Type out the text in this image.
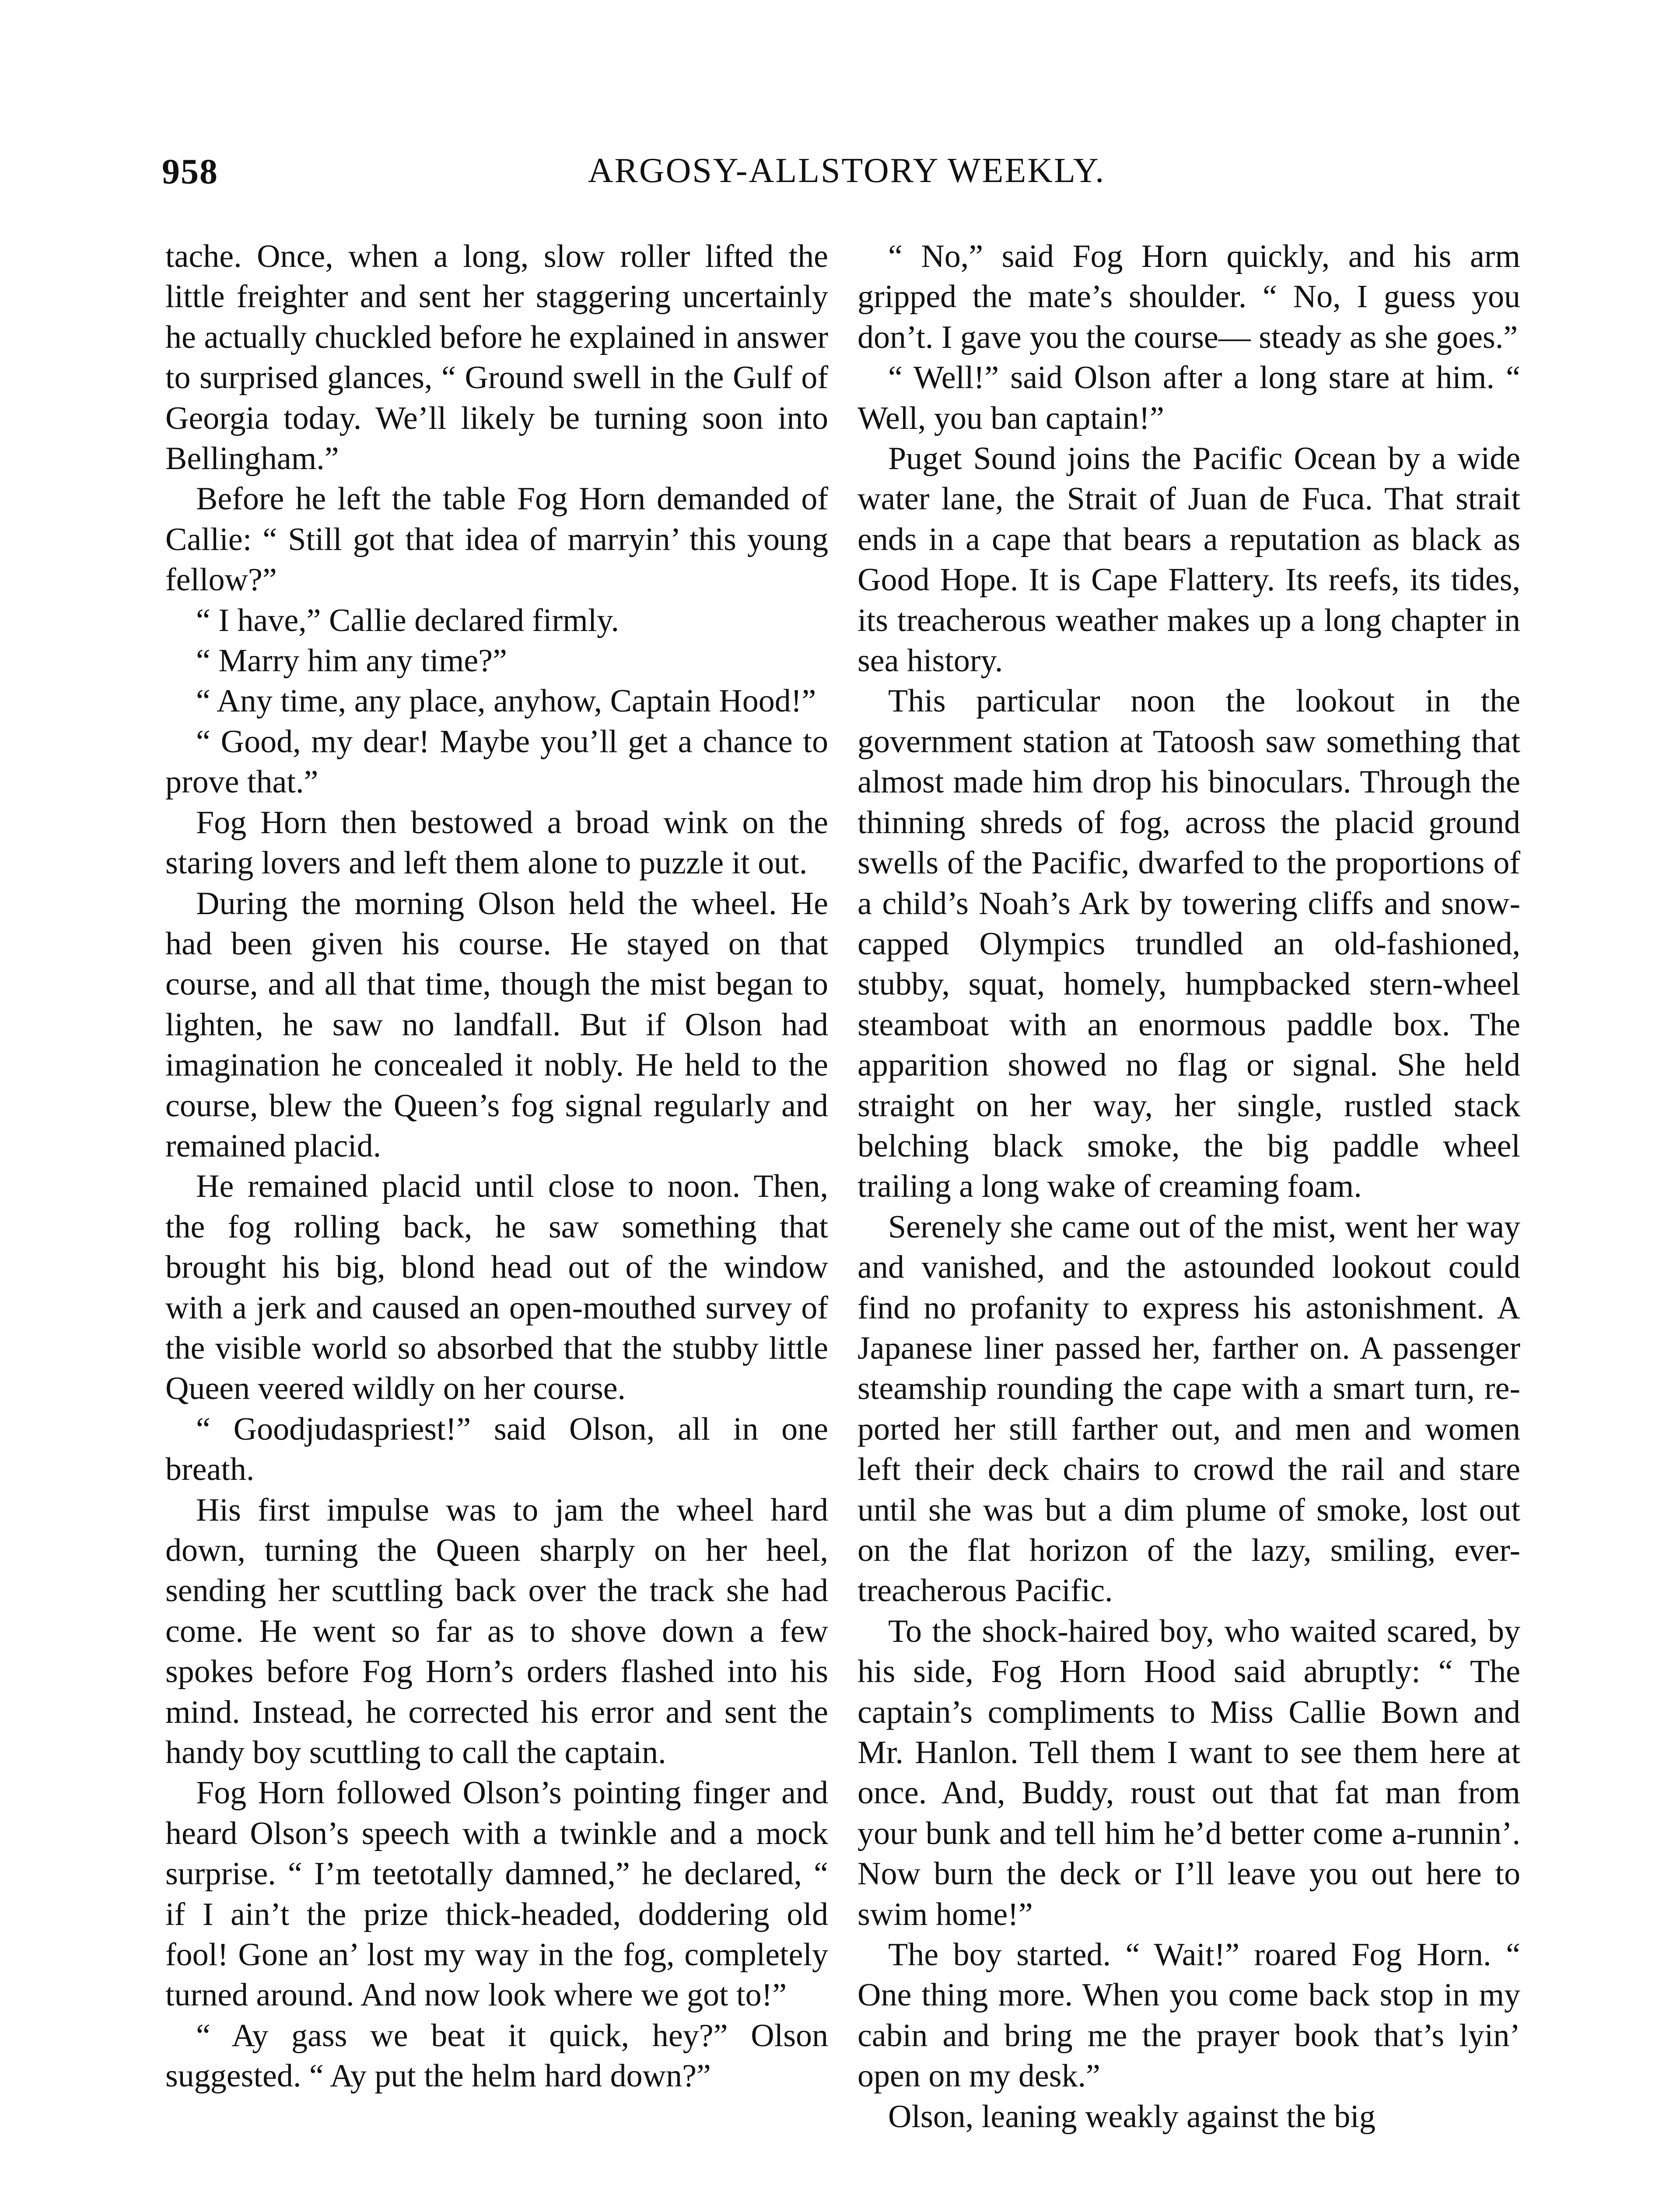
958	ARGOSY-ALLSTORY WEEKLY.

tache. Once, when a long, slow roller lifted the little freighter and sent her staggering uncertainly he actually chuckled before he explained in answer to surprised glances, “ Ground swell in the Gulf of Georgia today. We’ll likely be turning soon into Bellingham.”

Before he left the table Fog Horn demanded of Callie: “ Still got that idea of marryin’ this young fellow?”

“ I have,” Callie declared firmly.

“ Marry him any time?”

“ Any time, any place, anyhow, Captain Hood!”

“ Good, my dear! Maybe you’ll get a chance to prove that.”

Fog Horn then bestowed a broad wink on the staring lovers and left them alone to puzzle it out.

During the morning Olson held the wheel. He had been given his course. He stayed on that course, and all that time, though the mist began to lighten, he saw no landfall. But if Olson had imagination he concealed it nobly. He held to the course, blew the Queen’s fog signal regularly and remained placid.

He remained placid until close to noon. Then, the fog rolling back, he saw something that brought his big, blond head out of the window with a jerk and caused an open-mouthed survey of the visible world so absorbed that the stubby little Queen veered wildly on her course.

“ Goodjudaspriest!” said Olson, all in one breath.

His first impulse was to jam the wheel hard down, turning the Queen sharply on her heel, sending her scuttling back over the track she had come. He went so far as to shove down a few spokes before Fog Horn’s orders flashed into his mind. Instead, he corrected his error and sent the handy boy scuttling to call the captain.

Fog Horn followed Olson’s pointing finger and heard Olson’s speech with a twinkle and a mock surprise. “ I’m teetotally damned,” he declared, “ if I ain’t the prize thick-headed, doddering old fool! Gone an’ lost my way in the fog, completely turned around. And now look where we got to!”

“ Ay gass we beat it quick, hey?” Olson suggested. “ Ay put the helm hard down?”

“ No,” said Fog Horn quickly, and his arm gripped the mate’s shoulder. “ No, I guess you don’t. I gave you the course— steady as she goes.”

“ Well!” said Olson after a long stare at him. “ Well, you ban captain!”

Puget Sound joins the Pacific Ocean by a wide water lane, the Strait of Juan de Fuca. That strait ends in a cape that bears a reputation as black as Good Hope. It is Cape Flattery. Its reefs, its tides, its treacherous weather makes up a long chapter in sea history.

This particular noon the lookout in the government station at Tatoosh saw something that almost made him drop his binoculars. Through the thinning shreds of fog, across the placid ground swells of the Pacific, dwarfed to the proportions of a child’s Noah’s Ark by towering cliffs and snow-capped Olympics trundled an old-fashioned, stubby, squat, homely, humpbacked stern-wheel steamboat with an enormous paddle box. The apparition showed no flag or signal. She held straight on her way, her single, rustled stack belching black smoke, the big paddle wheel trailing a long wake of creaming foam.

Serenely she came out of the mist, went her way and vanished, and the astounded lookout could find no profanity to express his astonishment. A Japanese liner passed her, farther on. A passenger steamship rounding the cape with a smart turn, reported her still farther out, and men and women left their deck chairs to crowd the rail and stare until she was but a dim plume of smoke, lost out on the flat horizon of the lazy, smiling, ever-treacherous Pacific.

To the shock-haired boy, who waited scared, by his side, Fog Horn Hood said abruptly: “ The captain’s compliments to Miss Callie Bown and Mr. Hanlon. Tell them I want to see them here at once. And, Buddy, roust out that fat man from your bunk and tell him he’d better come a-runnin’. Now burn the deck or I’ll leave you out here to swim home!”

The boy started. “ Wait!” roared Fog Horn. “ One thing more. When you come back stop in my cabin and bring me the prayer book that’s lyin’ open on my desk.”

Olson, leaning weakly against the big
